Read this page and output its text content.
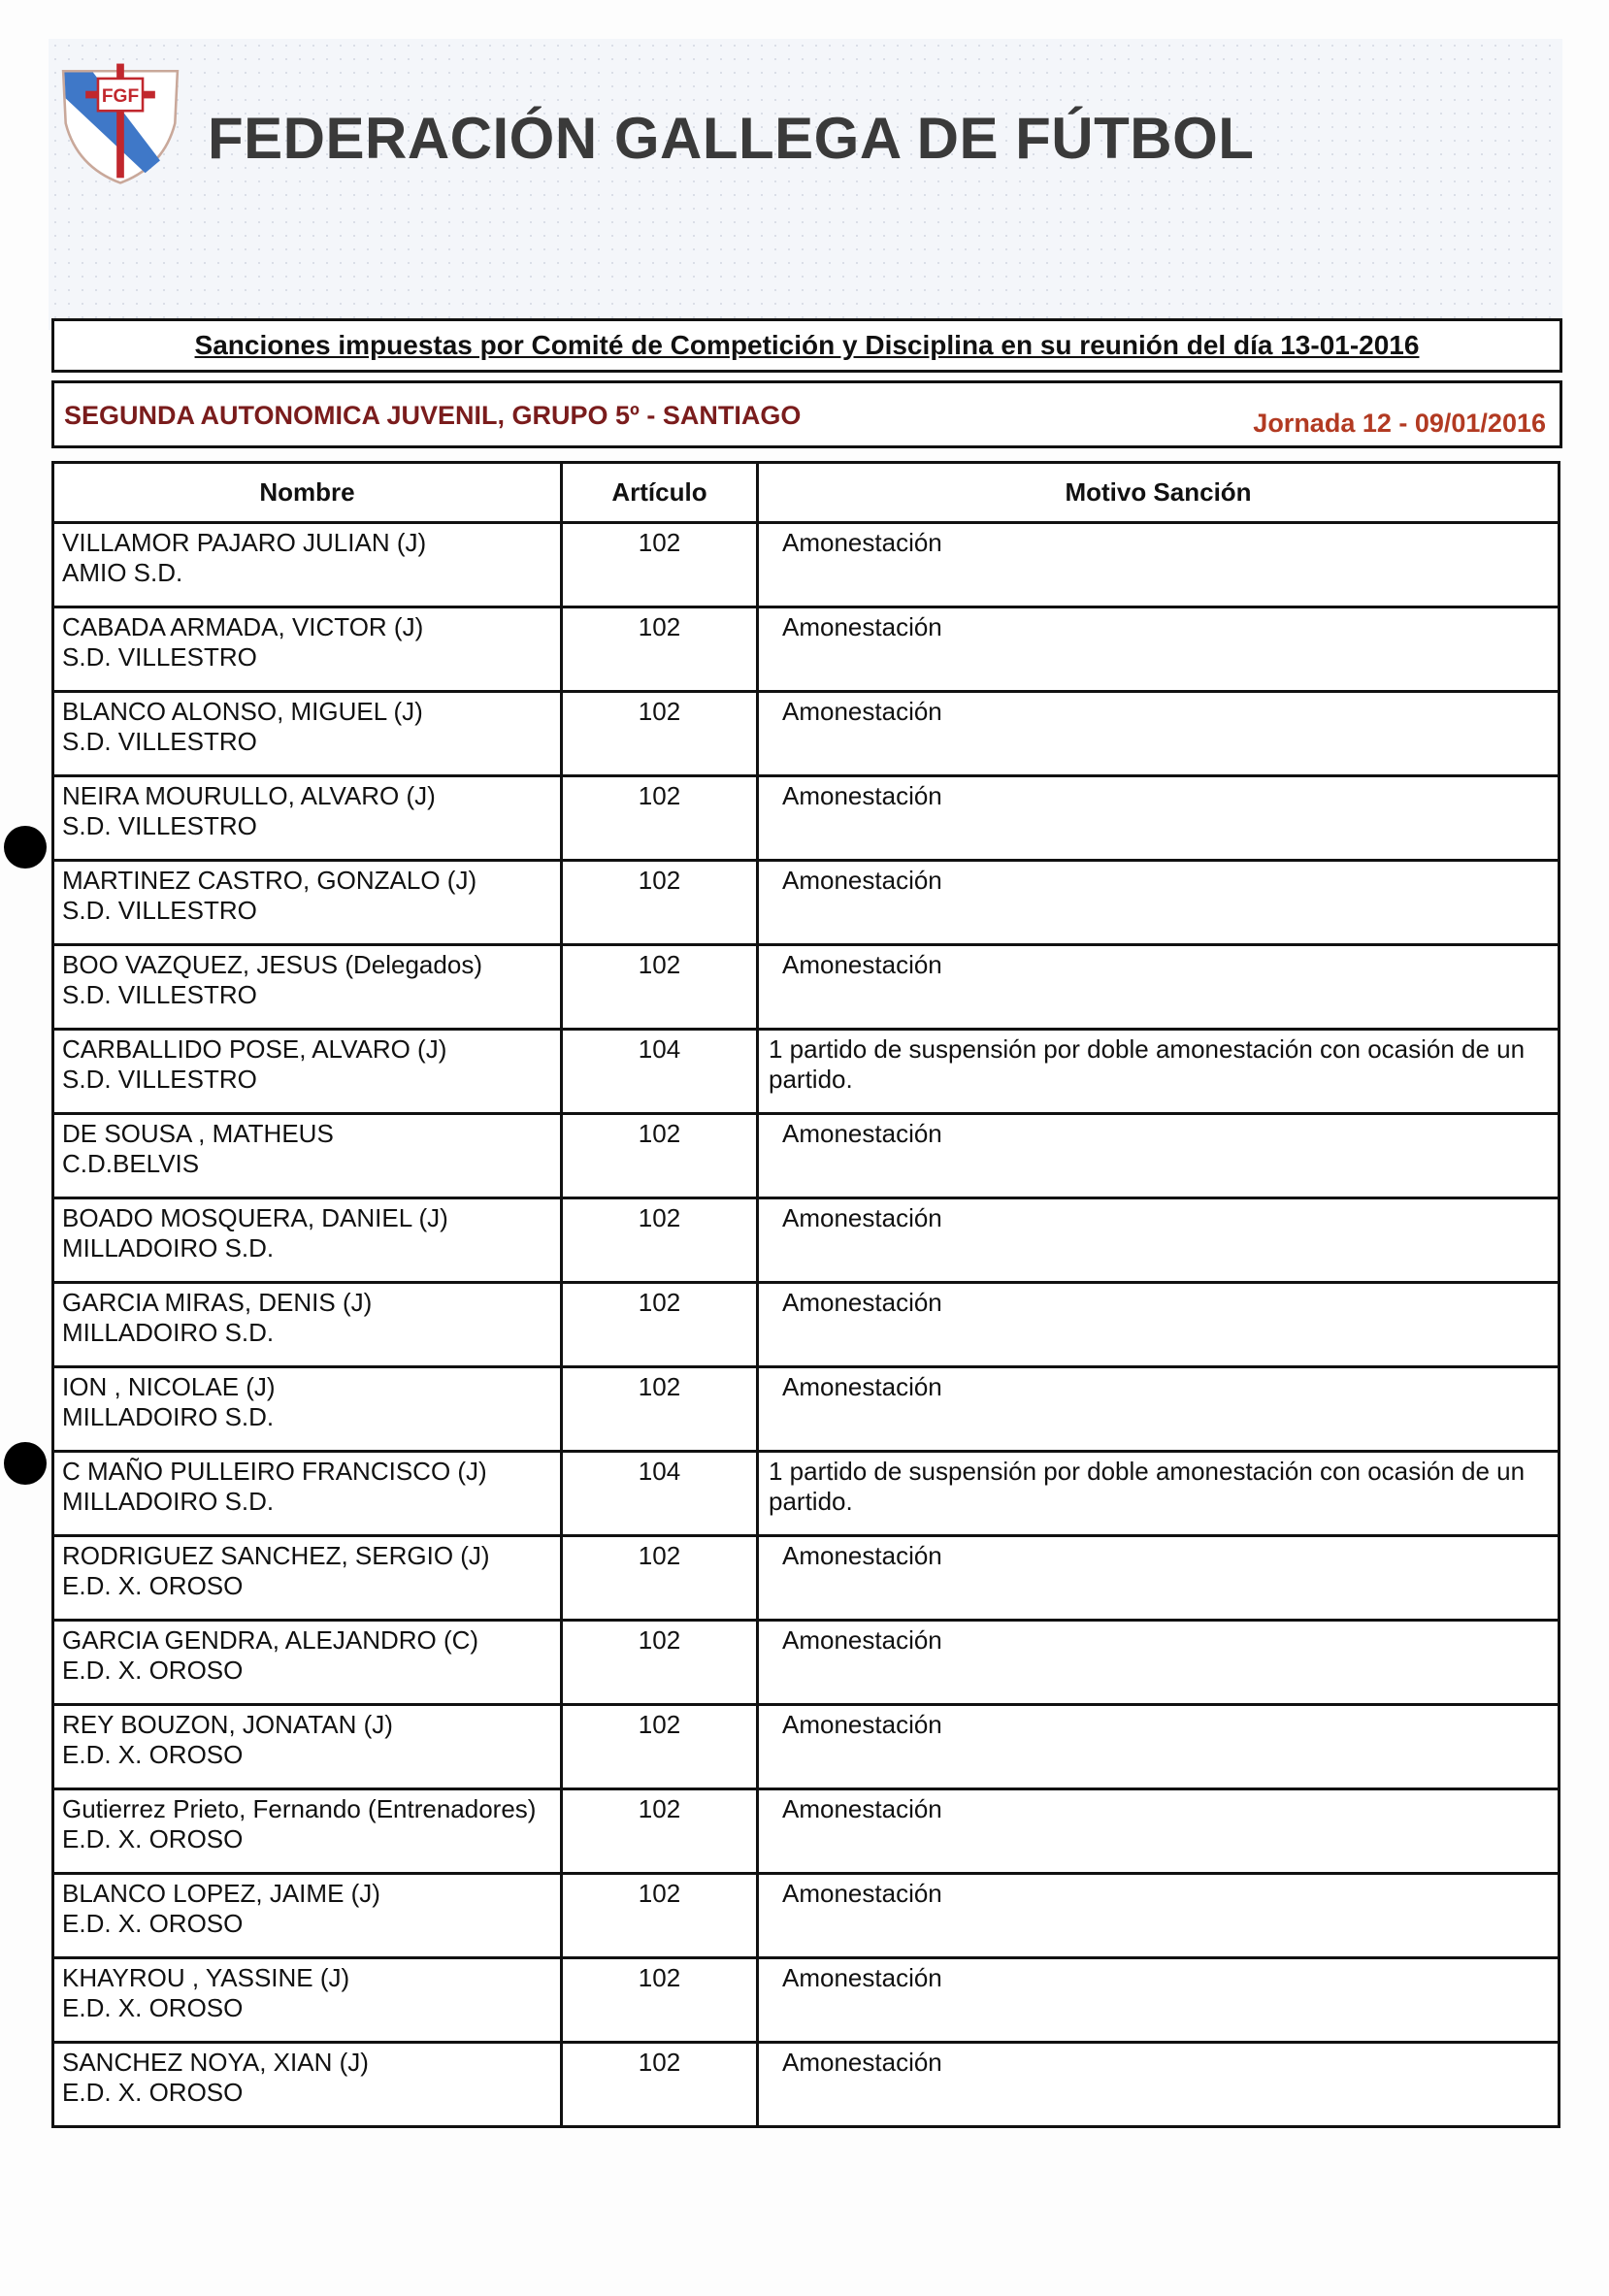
FGF
FEDERACIÓN GALLEGA DE FÚTBOL
Sanciones impuestas por Comité de Competición y Disciplina en su reunión del día 13-01-2016
SEGUNDA AUTONOMICA JUVENIL, GRUPO 5º - SANTIAGO	Jornada 12 - 09/01/2016
Nombre	Artículo	Motivo Sanción

VILLAMOR PAJARO JULIAN (J)
AMIO S.D.	102	Amonestación

CABADA ARMADA, VICTOR (J)
S.D. VILLESTRO	102	Amonestación

BLANCO ALONSO, MIGUEL (J)
S.D. VILLESTRO	102	Amonestación

NEIRA MOURULLO, ALVARO (J)
S.D. VILLESTRO	102	Amonestación

MARTINEZ CASTRO, GONZALO (J)
S.D. VILLESTRO	102	Amonestación

BOO VAZQUEZ, JESUS (Delegados)
S.D. VILLESTRO	102	Amonestación

CARBALLIDO POSE, ALVARO (J)
S.D. VILLESTRO	104	1 partido de suspensión por doble amonestación con ocasión de un partido.

DE SOUSA , MATHEUS
C.D.BELVIS	102	Amonestación

BOADO MOSQUERA, DANIEL (J)
MILLADOIRO S.D.	102	Amonestación

GARCIA MIRAS, DENIS (J)
MILLADOIRO S.D.	102	Amonestación

ION , NICOLAE (J)
MILLADOIRO S.D.	102	Amonestación

C MAÑO PULLEIRO FRANCISCO (J)
MILLADOIRO S.D.	104	1 partido de suspensión por doble amonestación con ocasión de un partido.

RODRIGUEZ SANCHEZ, SERGIO (J)
E.D. X. OROSO	102	Amonestación

GARCIA GENDRA, ALEJANDRO (C)
E.D. X. OROSO	102	Amonestación

REY BOUZON, JONATAN (J)
E.D. X. OROSO	102	Amonestación

Gutierrez Prieto, Fernando (Entrenadores)
E.D. X. OROSO	102	Amonestación

BLANCO LOPEZ, JAIME (J)
E.D. X. OROSO	102	Amonestación

KHAYROU , YASSINE (J)
E.D. X. OROSO	102	Amonestación

SANCHEZ NOYA, XIAN (J)
E.D. X. OROSO	102	Amonestación
